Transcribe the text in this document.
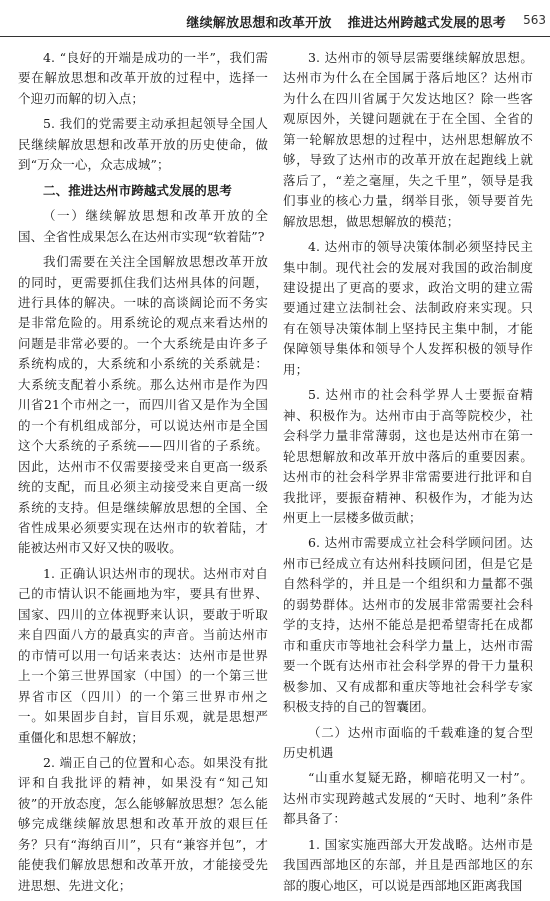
继续解放思想和改革开放 推进达州跨越式发展的思考 563

4. “良好的开端是成功的一半”，我们需要在解放思想和改革开放的过程中，选择一个迎刃而解的切入点；

5. 我们的党需要主动承担起领导全国人民继续解放思想和改革开放的历史使命，做到“万众一心，众志成城”；

二、推进达州市跨越式发展的思考

（一）继续解放思想和改革开放的全国、全省性成果怎么在达州市实现“软着陆”?

我们需要在关注全国解放思想改革开放的同时，更需要抓住我们达州具体的问题，进行具体的解决。一味的高谈阔论而不务实是非常危险的。用系统论的观点来看达州的问题是非常必要的。一个大系统是由许多子系统构成的，大系统和小系统的关系就是：大系统支配着小系统。那么达州市是作为四川省21个市州之一，而四川省又是作为全国的一个有机组成部分，可以说达州市是全国这个大系统的子系统——四川省的子系统。因此，达州市不仅需要接受来自更高一级系统的支配，而且必须主动接受来自更高一级系统的支持。但是继续解放思想的全国、全省性成果必须要实现在达州市的软着陆，才能被达州市又好又快的吸收。

1. 正确认识达州市的现状。达州市对自己的市情认识不能画地为牢，要具有世界、国家、四川的立体视野来认识，要敢于听取来自四面八方的最真实的声音。当前达州市的市情可以用一句话来表达：达州市是世界上一个第三世界国家（中国）的一个第三世界省市区（四川）的一个第三世界市州之一。如果固步自封，盲目乐观，就是思想严重僵化和思想不解放；

2. 端正自己的位置和心态。如果没有批评和自我批评的精神，如果没有“知己知彼”的开放态度，怎么能够解放思想？怎么能够完成继续解放思想和改革开放的艰巨任务？只有“海纳百川”，只有“兼容并包”，才能使我们解放思想和改革开放，才能接受先进思想、先进文化；

3. 达州市的领导层需要继续解放思想。达州市为什么在全国属于落后地区？达州市为什么在四川省属于欠发达地区？除一些客观原因外，关键问题就在于在全国、全省的第一轮解放思想的过程中，达州思想解放不够，导致了达州市的改革开放在起跑线上就落后了，“差之毫厘，失之千里”，领导是我们事业的核心力量，纲举目张，领导要首先解放思想，做思想解放的模范；

4. 达州市的领导决策体制必须坚持民主集中制。现代社会的发展对我国的政治制度建设提出了更高的要求，政治文明的建立需要通过建立法制社会、法制政府来实现。只有在领导决策体制上坚持民主集中制，才能保障领导集体和领导个人发挥积极的领导作用；

5. 达州市的社会科学界人士要振奋精神、积极作为。达州市由于高等院校少，社会科学力量非常薄弱，这也是达州市在第一轮思想解放和改革开放中落后的重要因素。达州市的社会科学界非常需要进行批评和自我批评，要振奋精神、积极作为，才能为达州更上一层楼多做贡献；

6. 达州市需要成立社会科学顾问团。达州市已经成立有达州科技顾问团，但是它是自然科学的，并且是一个组织和力量都不强的弱势群体。达州市的发展非常需要社会科学的支持，达州不能总是把希望寄托在成都市和重庆市等地社会科学力量上，达州市需要一个既有达州市社会科学界的骨干力量积极参加、又有成都和重庆等地社会科学专家积极支持的自己的智囊团。

（二）达州市面临的千载难逢的复合型历史机遇

“山重水复疑无路，柳暗花明又一村”。达州市实现跨越式发展的“天时、地利”条件都具备了：

1. 国家实施西部大开发战略。达州市是我国西部地区的东部，并且是西部地区的东部的腹心地区，可以说是西部地区距离我国
